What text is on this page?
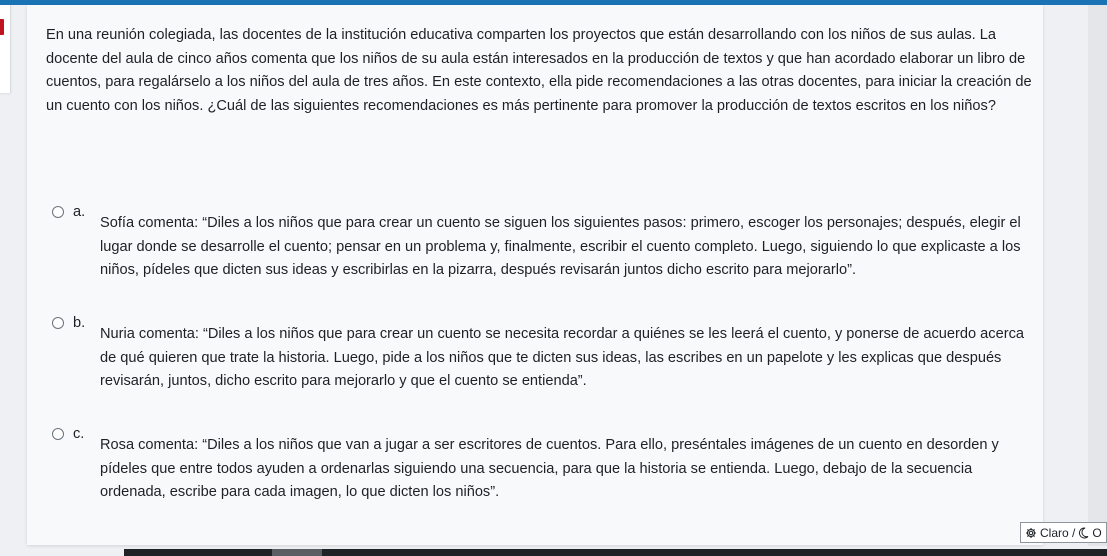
En una reunión colegiada, las docentes de la institución educativa comparten los proyectos que están desarrollando con los niños de sus aulas. La docente del aula de cinco años comenta que los niños de su aula están interesados en la producción de textos y que han acordado elaborar un libro de cuentos, para regalárselo a los niños del aula de tres años. En este contexto, ella pide recomendaciones a las otras docentes, para iniciar la creación de un cuento con los niños. ¿Cuál de las siguientes recomendaciones es más pertinente para promover la producción de textos escritos en los niños?

a.

Sofía comenta: “Diles a los niños que para crear un cuento se siguen los siguientes pasos: primero, escoger los personajes; después, elegir el lugar donde se desarrolle el cuento; pensar en un problema y, finalmente, escribir el cuento completo. Luego, siguiendo lo que explicaste a los niños, pídeles que dicten sus ideas y escribirlas en la pizarra, después revisarán juntos dicho escrito para mejorarlo”.

b.

Nuria comenta: “Diles a los niños que para crear un cuento se necesita recordar a quiénes se les leerá el cuento, y ponerse de acuerdo acerca de qué quieren que trate la historia. Luego, pide a los niños que te dicten sus ideas, las escribes en un papelote y les explicas que después revisarán, juntos, dicho escrito para mejorarlo y que el cuento se entienda”.

c.

Rosa comenta: “Diles a los niños que van a jugar a ser escritores de cuentos. Para ello, preséntales imágenes de un cuento en desorden y pídeles que entre todos ayuden a ordenarlas siguiendo una secuencia, para que la historia se entienda. Luego, debajo de la secuencia ordenada, escribe para cada imagen, lo que dicten los niños”.

Claro / O
